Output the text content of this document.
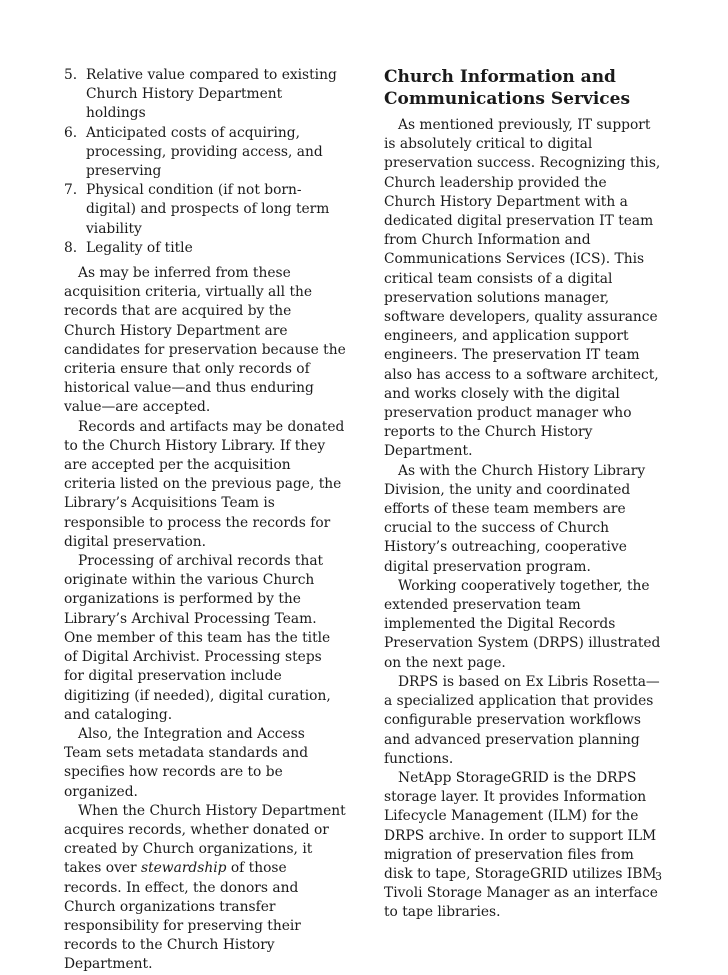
5. Relative value compared to existing Church History Department holdings
6. Anticipated costs of acquiring, processing, providing access, and preserving
7. Physical condition (if not born-digital) and prospects of long term viability
8. Legality of title

As may be inferred from these acquisition criteria, virtually all the records that are acquired by the Church History Department are candidates for preservation because the criteria ensure that only records of historical value—and thus enduring value—are accepted.

Records and artifacts may be donated to the Church History Library. If they are accepted per the acquisition criteria listed on the previous page, the Library’s Acquisitions Team is responsible to process the records for digital preservation.

Processing of archival records that originate within the various Church organizations is performed by the Library’s Archival Processing Team. One member of this team has the title of Digital Archivist. Processing steps for digital preservation include digitizing (if needed), digital curation, and cataloging.

Also, the Integration and Access Team sets metadata standards and specifies how records are to be organized.

When the Church History Department acquires records, whether donated or created by Church organizations, it takes over stewardship of those records. In effect, the donors and Church organizations transfer responsibility for preserving their records to the Church History Department.

Church Information and Communications Services

As mentioned previously, IT support is absolutely critical to digital preservation success. Recognizing this, Church leadership provided the Church History Department with a dedicated digital preservation IT team from Church Information and Communications Services (ICS). This critical team consists of a digital preservation solutions manager, software developers, quality assurance engineers, and application support engineers. The preservation IT team also has access to a software architect, and works closely with the digital preservation product manager who reports to the Church History Department.

As with the Church History Library Division, the unity and coordinated efforts of these team members are crucial to the success of Church History’s outreaching, cooperative digital preservation program.

Working cooperatively together, the extended preservation team implemented the Digital Records Preservation System (DRPS) illustrated on the next page.

DRPS is based on Ex Libris Rosetta—a specialized application that provides configurable preservation workflows and advanced preservation planning functions.

NetApp StorageGRID is the DRPS storage layer. It provides Information Lifecycle Management (ILM) for the DRPS archive. In order to support ILM migration of preservation files from disk to tape, StorageGRID utilizes IBM Tivoli Storage Manager as an interface to tape libraries.

3
